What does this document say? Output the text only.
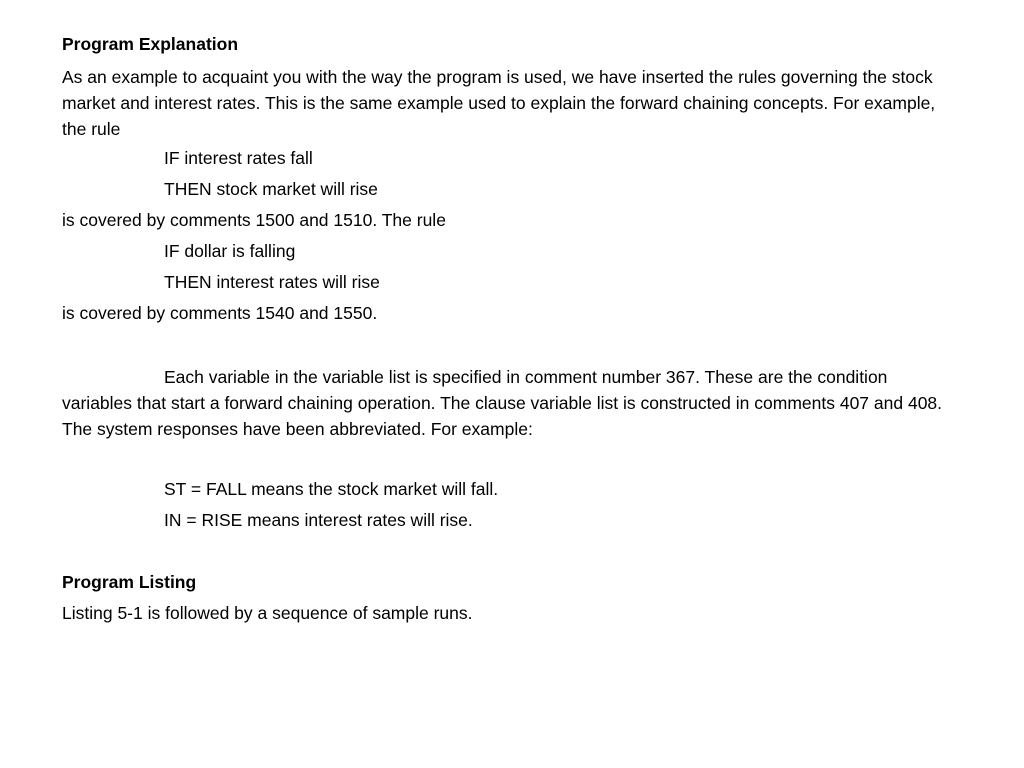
Program Explanation

As an example to acquaint you with the way the program is used, we have inserted the rules governing the stock market and interest rates. This is the same example used to explain the forward chaining concepts. For example, the rule

IF interest rates fall
THEN stock market will rise
is covered by comments 1500 and 1510. The rule
IF dollar is falling
THEN interest rates will rise
is covered by comments 1540 and 1550.

Each variable in the variable list is specified in comment number 367. These are the condition variables that start a forward chaining operation. The clause variable list is constructed in comments 407 and 408. The system responses have been abbreviated. For example:

ST = FALL means the stock market will fall.
IN = RISE means interest rates will rise.
Program Listing
Listing 5-1 is followed by a sequence of sample runs.
